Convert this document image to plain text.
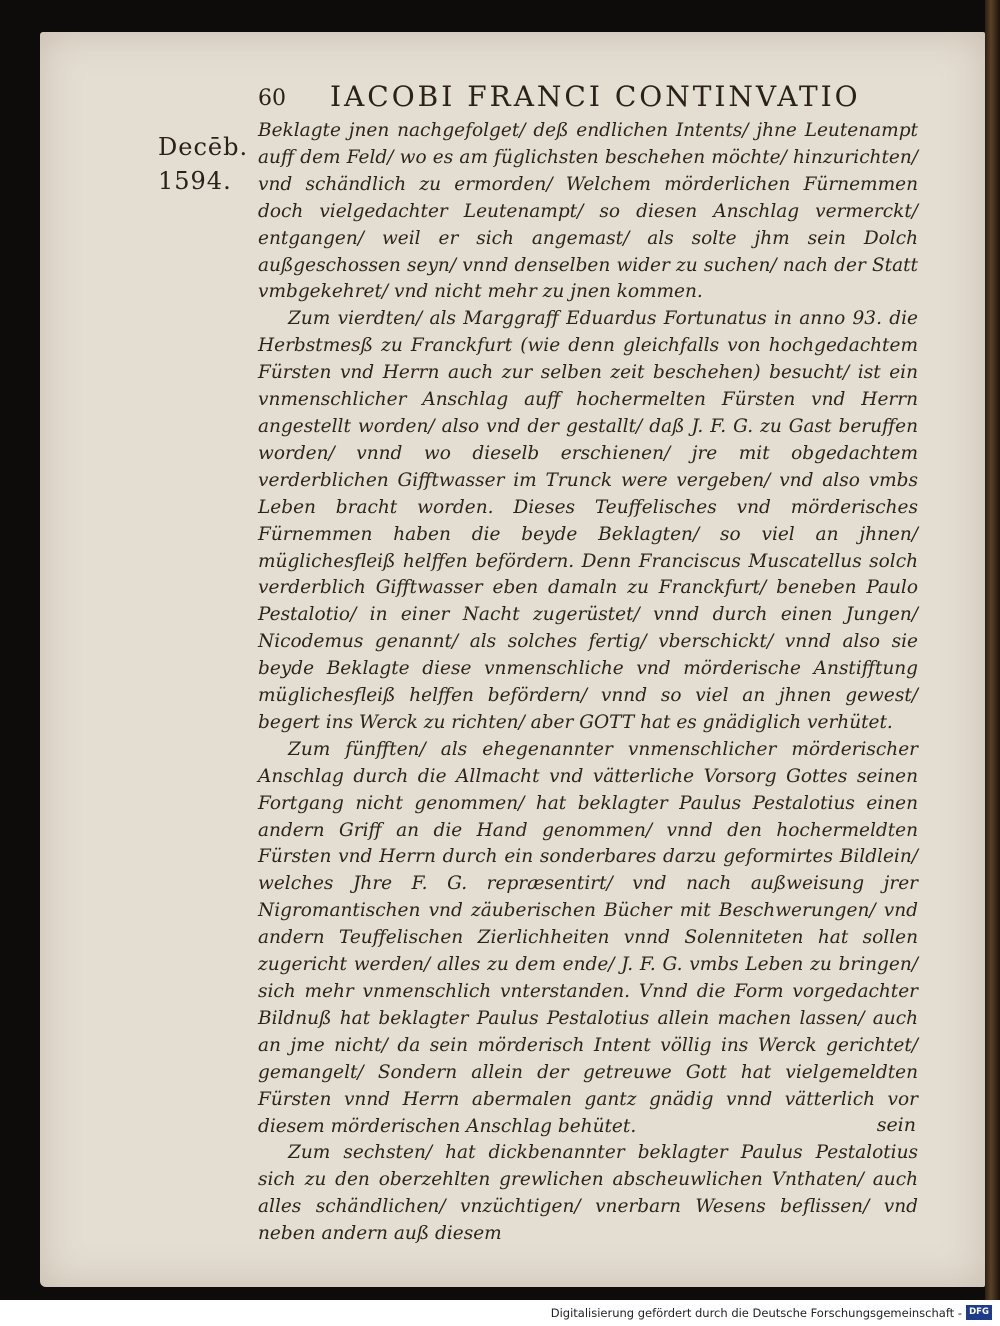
60 IACOBI FRANCI CONTINVATIO
Decēb.
1594.

Beklagte jnen nachgefolget/ deß endlichen Intents/ jhne Leutenampt auff dem Feld/ wo es am füglichsten beschehen möchte/ hinzurichten/ vnd schändlich zu ermorden/ Welchem mörderlichen Fürnemmen doch vielgedachter Leutenampt/ so diesen Anschlag vermerckt/ entgangen/ weil er sich angemast/ als solte jhm sein Dolch außgeschossen seyn/ vnnd denselben wider zu suchen/ nach der Statt vmbgekehret/ vnd nicht mehr zu jnen kommen.

Zum vierdten/ als Marggraff Eduardus Fortunatus in anno 93. die Herbstmesß zu Franckfurt (wie denn gleichfalls von hochgedachtem Fürsten vnd Herrn auch zur selben zeit beschehen) besucht/ ist ein vnmenschlicher Anschlag auff hochermelten Fürsten vnd Herrn angestellt worden/ also vnd der gestallt/ daß J. F. G. zu Gast beruffen worden/ vnnd wo dieselb erschienen/ jre mit obgedachtem verderblichen Gifftwasser im Trunck were vergeben/ vnd also vmbs Leben bracht worden. Dieses Teuffelisches vnd mörderisches Fürnemmen haben die beyde Beklagten/ so viel an jhnen/ müglichesfleiß helffen befördern. Denn Franciscus Muscatellus solch verderblich Gifftwasser eben damaln zu Franckfurt/ beneben Paulo Pestalotio/ in einer Nacht zugerüstet/ vnnd durch einen Jungen/ Nicodemus genannt/ als solches fertig/ vberschickt/ vnnd also sie beyde Beklagte diese vnmenschliche vnd mörderische Anstifftung müglichesfleiß helffen befördern/ vnnd so viel an jhnen gewest/ begert ins Werck zu richten/ aber GOTT hat es gnädiglich verhütet.

Zum fünfften/ als ehegenannter vnmenschlicher mörderischer Anschlag durch die Allmacht vnd vätterliche Vorsorg Gottes seinen Fortgang nicht genommen/ hat beklagter Paulus Pestalotius einen andern Griff an die Hand genommen/ vnnd den hochermeldten Fürsten vnd Herrn durch ein sonderbares darzu geformirtes Bildlein/ welches Jhre F. G. repræsentirt/ vnd nach außweisung jrer Nigromantischen vnd zäuberischen Bücher mit Beschwerungen/ vnd andern Teuffelischen Zierlichheiten vnnd Solenniteten hat sollen zugericht werden/ alles zu dem ende/ J. F. G. vmbs Leben zu bringen/ sich mehr vnmenschlich vnterstanden. Vnnd die Form vorgedachter Bildnuß hat beklagter Paulus Pestalotius allein machen lassen/ auch an jme nicht/ da sein mörderisch Intent völlig ins Werck gerichtet/ gemangelt/ Sondern allein der getreuwe Gott hat vielgemeldten Fürsten vnnd Herrn abermalen gantz gnädig vnnd vätterlich vor diesem mörderischen Anschlag behütet.

Zum sechsten/ hat dickbenannter beklagter Paulus Pestalotius sich zu den oberzehlten grewlichen abscheuwlichen Vnthaten/ auch alles schändlichen/ vnzüchtigen/ vnerbarn Wesens beflissen/ vnd neben andern auß diesem

sein
Digitalisierung gefördert durch die Deutsche Forschungsgemeinschaft - DFG
